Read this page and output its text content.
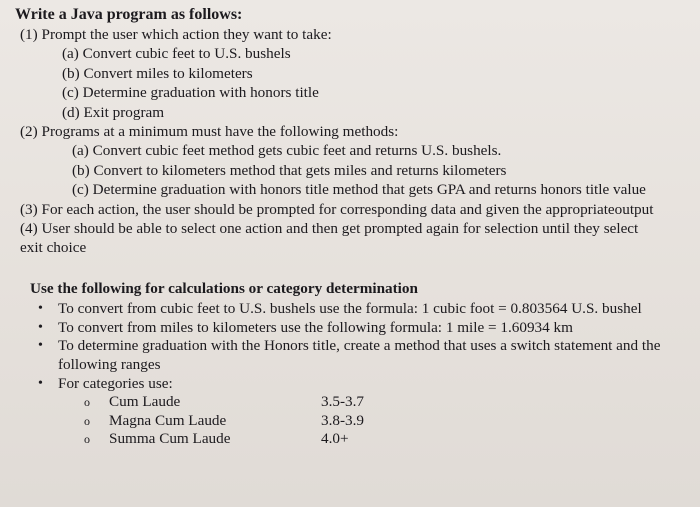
Write a Java program as follows:
(1) Prompt the user which action they want to take:
(a) Convert cubic feet to U.S. bushels
(b) Convert miles to kilometers
(c) Determine graduation with honors title
(d) Exit program
(2) Programs at a minimum must have the following methods:
(a) Convert cubic feet method gets cubic feet and returns U.S. bushels.
(b) Convert to kilometers method that gets miles and returns kilometers
(c) Determine graduation with honors title method that gets GPA and returns honors title value
(3) For each action, the user should be prompted for corresponding data and given the appropriateoutput
(4) User should be able to select one action and then get prompted again for selection until they select exit choice
Use the following for calculations or category determination
• To convert from cubic feet to U.S. bushels use the formula: 1 cubic foot = 0.803564 U.S. bushel
• To convert from miles to kilometers use the following formula: 1 mile = 1.60934 km
• To determine graduation with the Honors title, create a method that uses a switch statement and the following ranges
• For categories use:
o	Cum Laude	3.5-3.7
o	Magna Cum Laude	3.8-3.9
o	Summa Cum Laude	4.0+
